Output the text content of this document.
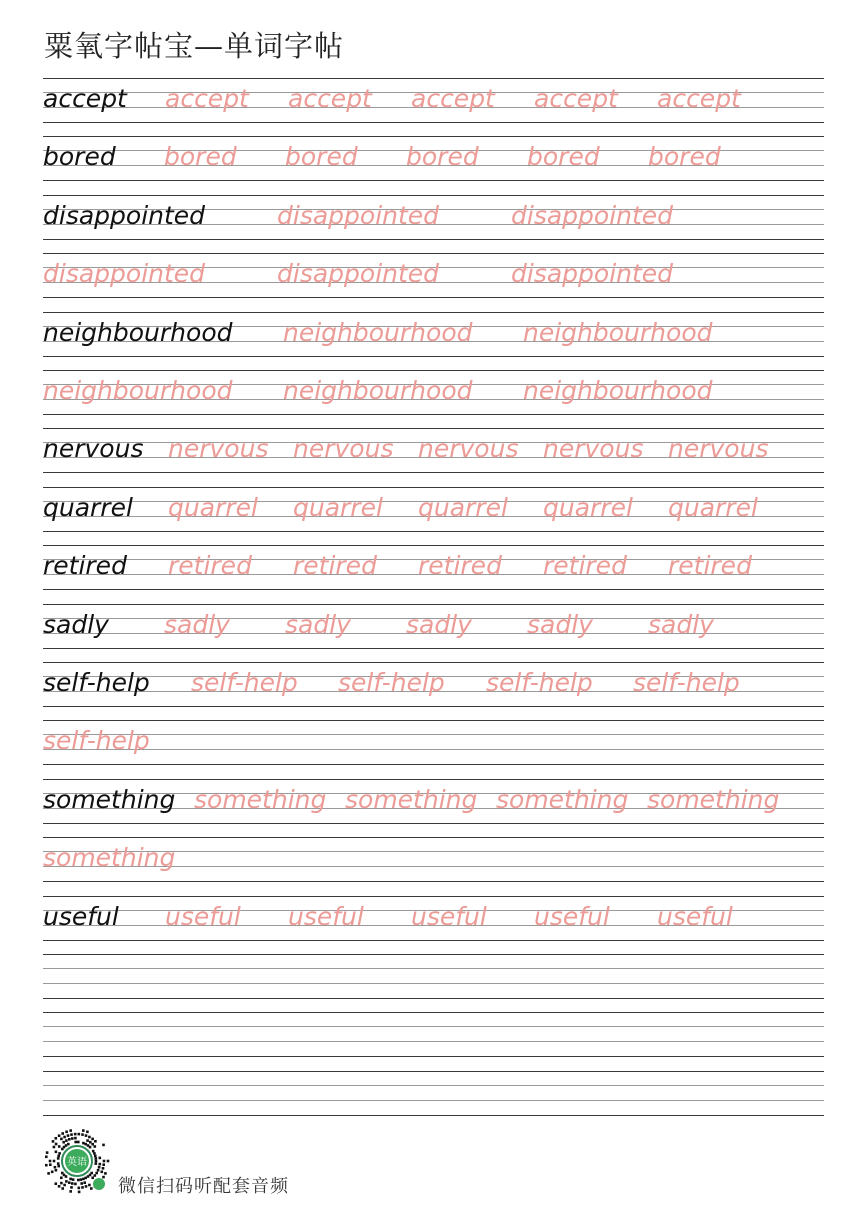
粟氧字帖宝—单词字帖
accept accept accept accept accept accept
bored bored bored bored bored bored
disappointed	disappointed	disappointed
disappointed	disappointed	disappointed
neighbourhood neighbourhood neighbourhood
neighbourhood neighbourhood neighbourhood
nervous nervous nervous nervous nervous nervous
quarrel quarrel quarrel quarrel quarrel quarrel
retired retired retired retired retired retired
sadly sadly sadly sadly sadly sadly
self-help self-help self-help self-help self-help
self-help
something something something something something
something
useful useful useful useful useful useful
英语
微信扫码听配套音频
